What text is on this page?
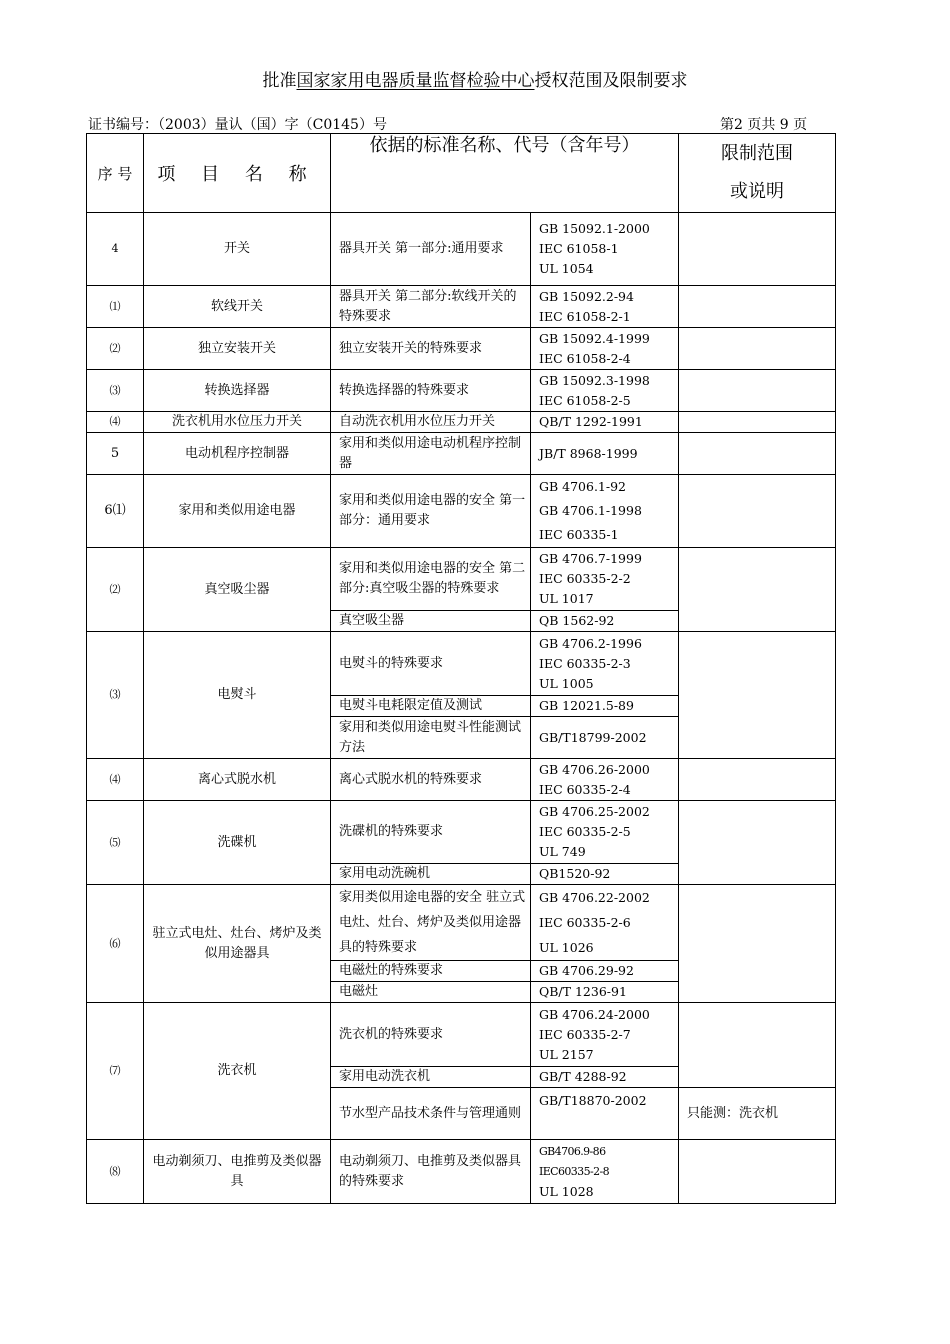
批准国家家用电器质量监督检验中心授权范围及限制要求
证书编号：（2003）量认（国）字（C0145）号	第2 页共 9 页
序 号	项 目 名 称	依据的标准名称、代号（含年号）		限制范围
或说明

4	开关	器具开关 第一部分:通用要求	GB 15092.1-2000
IEC 61058-1
UL 1054	

⑴	软线开关	器具开关 第二部分:软线开关的特殊要求	GB 15092.2-94
IEC 61058-2-1	

⑵	独立安装开关	独立安装开关的特殊要求	GB 15092.4-1999
IEC 61058-2-4	

⑶	转换选择器	转换选择器的特殊要求	GB 15092.3-1998
IEC 61058-2-5	

⑷	洗衣机用水位压力开关	自动洗衣机用水位压力开关	QB/T 1292-1991	
5	电动机程序控制器	家用和类似用途电动机程序控制器	JB/T 8968-1999	
6⑴	家用和类似用途电器	家用和类似用途电器的安全 第一部分：通用要求	GB 4706.1-92
GB 4706.1-1998
IEC 60335-1	

⑵	真空吸尘器	家用和类似用途电器的安全 第二部分:真空吸尘器的特殊要求	GB 4706.7-1999
IEC 60335-2-2
UL 1017	

		真空吸尘器	QB 1562-92	
⑶	电熨斗	电熨斗的特殊要求	GB 4706.2-1996
IEC 60335-2-3
UL 1005	

		电熨斗电耗限定值及测试	GB 12021.5-89	
		家用和类似用途电熨斗性能测试方法	GB/T18799-2002	
⑷	离心式脱水机	离心式脱水机的特殊要求	GB 4706.26-2000
IEC 60335-2-4	

⑸	洗碟机	洗碟机的特殊要求	GB 4706.25-2002
IEC 60335-2-5
UL 749	

		家用电动洗碗机	QB1520-92	
⑹	驻立式电灶、灶台、烤炉及类似用途器具	家用类似用途电器的安全 驻立式电灶、灶台、烤炉及类似用途器具的特殊要求	GB 4706.22-2002
IEC 60335-2-6
UL 1026	

		电磁灶的特殊要求	GB 4706.29-92	
		电磁灶	QB/T 1236-91	
⑺	洗衣机	洗衣机的特殊要求	GB 4706.24-2000
IEC 60335-2-7
UL 2157	

		家用电动洗衣机	GB/T 4288-92	
		节水型产品技术条件与管理通则	GB/T18870-2002	只能测：洗衣机
⑻	电动剃须刀、电推剪及类似器具	电动剃须刀、电推剪及类似器具的特殊要求	GB4706.9-86
IEC60335-2-8
UL 1028	
